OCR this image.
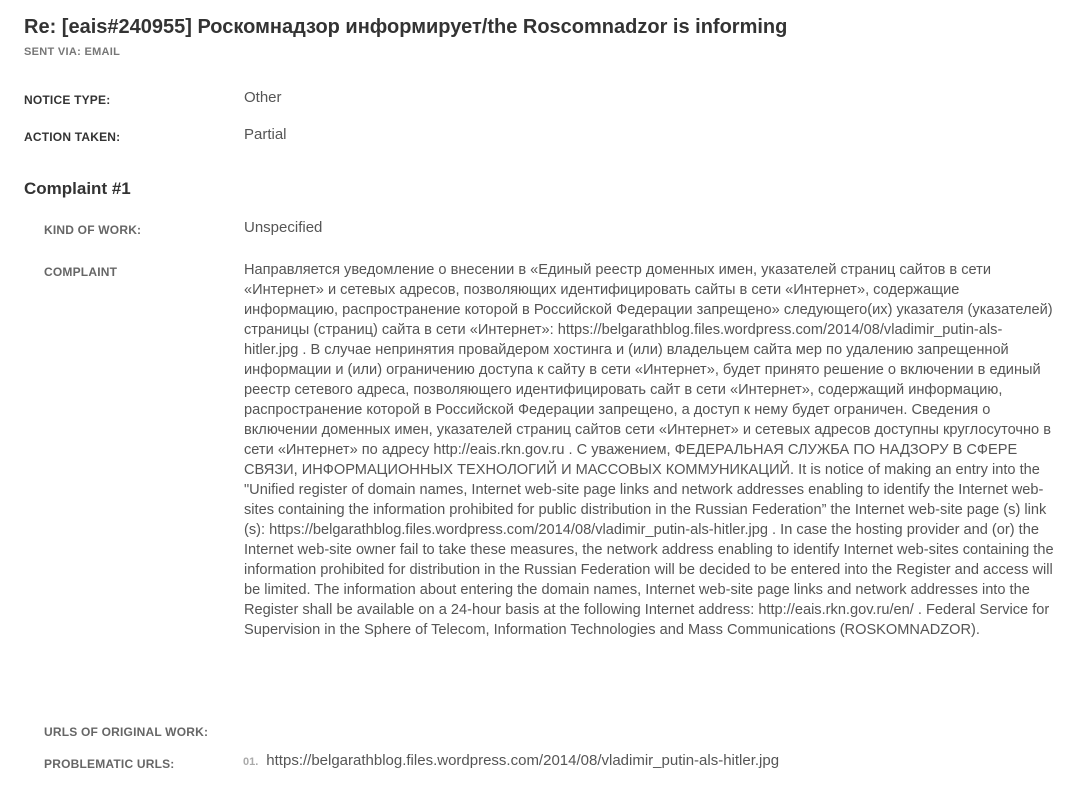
Re: [eais#240955] Роскомнадзор информирует/the Roscomnadzor is informing
SENT VIA: EMAIL
NOTICE TYPE:	Other
ACTION TAKEN:	Partial
Complaint #1
KIND OF WORK:	Unspecified
COMPLAINT	Направляется уведомление о внесении в «Единый реестр доменных имен, указателей страниц сайтов в сети «Интернет» и сетевых адресов, позволяющих идентифицировать сайты в сети «Интернет», содержащие информацию, распространение которой в Российской Федерации запрещено» следующего(их) указателя (указателей) страницы (страниц) сайта в сети «Интернет»: https://belgarathblog.files.wordpress.com/2014/08/vladimir_putin-als-hitler.jpg . В случае непринятия провайдером хостинга и (или) владельцем сайта мер по удалению запрещенной информации и (или) ограничению доступа к сайту в сети «Интернет», будет принято решение о включении в единый реестр сетевого адреса, позволяющего идентифицировать сайт в сети «Интернет», содержащий информацию, распространение которой в Российской Федерации запрещено, а доступ к нему будет ограничен. Сведения о включении доменных имен, указателей страниц сайтов сети «Интернет» и сетевых адресов доступны круглосуточно в сети «Интернет» по адресу http://eais.rkn.gov.ru . С уважением, ФЕДЕРАЛЬНАЯ СЛУЖБА ПО НАДЗОРУ В СФЕРЕ СВЯЗИ, ИНФОРМАЦИОННЫХ ТЕХНОЛОГИЙ И МАССОВЫХ КОММУНИКАЦИЙ. It is notice of making an entry into the "Unified register of domain names, Internet web-site page links and network addresses enabling to identify the Internet web-sites containing the information prohibited for public distribution in the Russian Federation” the Internet web-site page (s) link (s): https://belgarathblog.files.wordpress.com/2014/08/vladimir_putin-als-hitler.jpg . In case the hosting provider and (or) the Internet web-site owner fail to take these measures, the network address enabling to identify Internet web-sites containing the information prohibited for distribution in the Russian Federation will be decided to be entered into the Register and access will be limited. The information about entering the domain names, Internet web-site page links and network addresses into the Register shall be available on a 24-hour basis at the following Internet address: http://eais.rkn.gov.ru/en/ . Federal Service for Supervision in the Sphere of Telecom, Information Technologies and Mass Communications (ROSKOMNADZOR).
URLS OF ORIGINAL WORK:
PROBLEMATIC URLS:	01. https://belgarathblog.files.wordpress.com/2014/08/vladimir_putin-als-hitler.jpg
